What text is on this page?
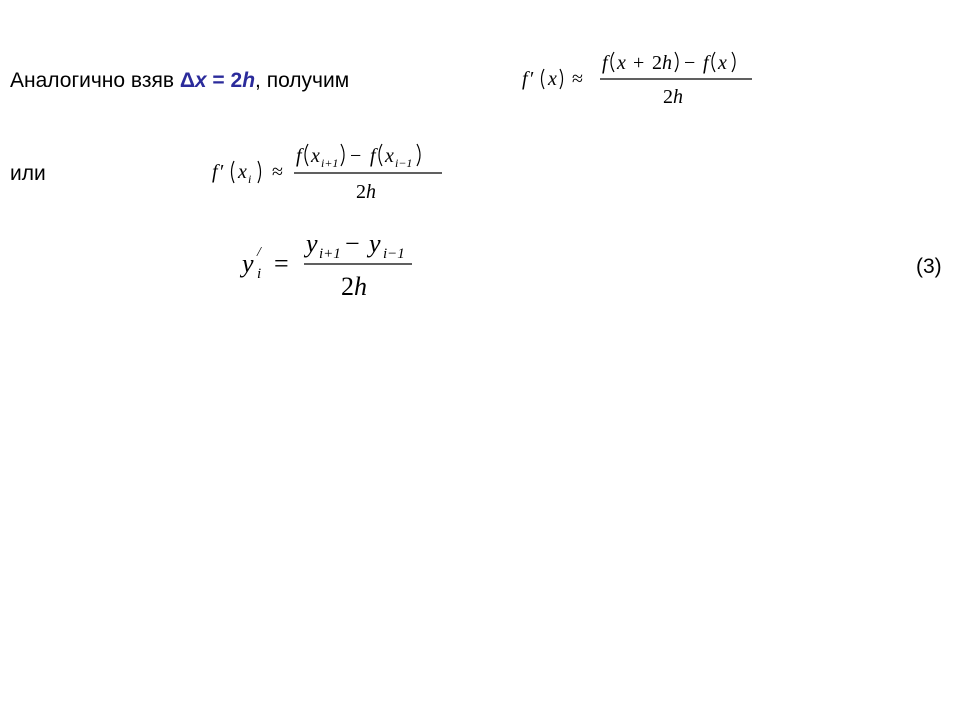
Аналогично взяв Δx = 2h, получим	f ′ x ≈
f x + 2 h − f x
2 h
или	f ′ x i ≈
f x i+1 − f x i−1
2 h
y /
i =
y i+1 − y i−1
2 h
(3)
